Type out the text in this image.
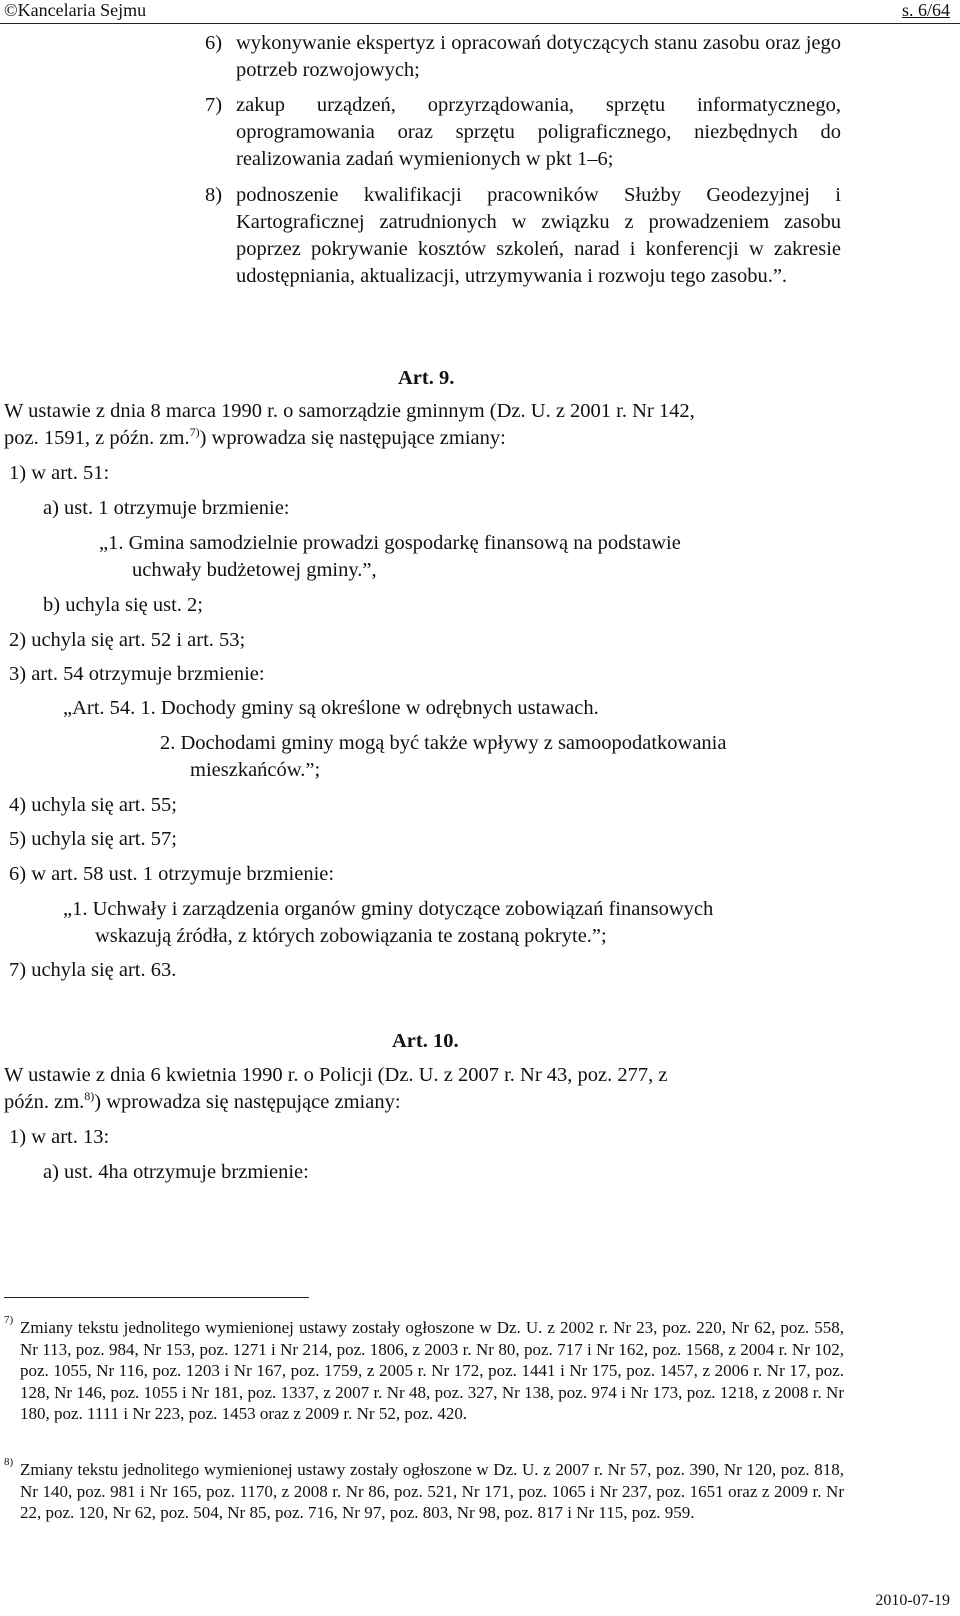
©Kancelaria Sejmu	s. 6/64
6) wykonywanie ekspertyz i opracowań dotyczących stanu zasobu oraz jego potrzeb rozwojowych;
7) zakup urządzeń, oprzyrządowania, sprzętu informatycznego, oprogramowania oraz sprzętu poligraficznego, niezbędnych do realizowania zadań wymienionych w pkt 1–6;
8) podnoszenie kwalifikacji pracowników Służby Geodezyjnej i Kartograficznej zatrudnionych w związku z prowadzeniem zasobu poprzez pokrywanie kosztów szkoleń, narad i konferencji w zakresie udostępniania, aktualizacji, utrzymywania i rozwoju tego zasobu.”.
Art. 9.
W ustawie z dnia 8 marca 1990 r. o samorządzie gminnym (Dz. U. z 2001 r. Nr 142,
poz. 1591, z późn. zm.$^{7)}$) wprowadza się następujące zmiany:
1) w art. 51:
a) ust. 1 otrzymuje brzmienie:
„1. Gmina samodzielnie prowadzi gospodarkę finansową na podstawie
uchwały budżetowej gminy.”,
b) uchyla się ust. 2;
2) uchyla się art. 52 i art. 53;
3) art. 54 otrzymuje brzmienie:
„Art. 54. 1. Dochody gminy są określone w odrębnych ustawach.
2. Dochodami gminy mogą być także wpływy z samoopodatkowania
mieszkańców.”;
4) uchyla się art. 55;
5) uchyla się art. 57;
6) w art. 58 ust. 1 otrzymuje brzmienie:
„1. Uchwały i zarządzenia organów gminy dotyczące zobowiązań finansowych
wskazują źródła, z których zobowiązania te zostaną pokryte.”;
7) uchyla się art. 63.
Art. 10.
W ustawie z dnia 6 kwietnia 1990 r. o Policji (Dz. U. z 2007 r. Nr 43, poz. 277, z
późn. zm.$^{8)}$) wprowadza się następujące zmiany:
1) w art. 13:
a) ust. 4ha otrzymuje brzmienie:
7) Zmiany tekstu jednolitego wymienionej ustawy zostały ogłoszone w Dz. U. z 2002 r. Nr 23, poz. 220, Nr 62, poz. 558, Nr 113, poz. 984, Nr 153, poz. 1271 i Nr 214, poz. 1806, z 2003 r. Nr 80, poz. 717 i Nr 162, poz. 1568, z 2004 r. Nr 102, poz. 1055, Nr 116, poz. 1203 i Nr 167, poz. 1759, z 2005 r. Nr 172, poz. 1441 i Nr 175, poz. 1457, z 2006 r. Nr 17, poz. 128, Nr 146, poz. 1055 i Nr 181, poz. 1337, z 2007 r. Nr 48, poz. 327, Nr 138, poz. 974 i Nr 173, poz. 1218, z 2008 r. Nr 180, poz. 1111 i Nr 223, poz. 1453 oraz z 2009 r. Nr 52, poz. 420.
8) Zmiany tekstu jednolitego wymienionej ustawy zostały ogłoszone w Dz. U. z 2007 r. Nr 57, poz. 390, Nr 120, poz. 818, Nr 140, poz. 981 i Nr 165, poz. 1170, z 2008 r. Nr 86, poz. 521, Nr 171, poz. 1065 i Nr 237, poz. 1651 oraz z 2009 r. Nr 22, poz. 120, Nr 62, poz. 504, Nr 85, poz. 716, Nr 97, poz. 803, Nr 98, poz. 817 i Nr 115, poz. 959.
2010-07-19
